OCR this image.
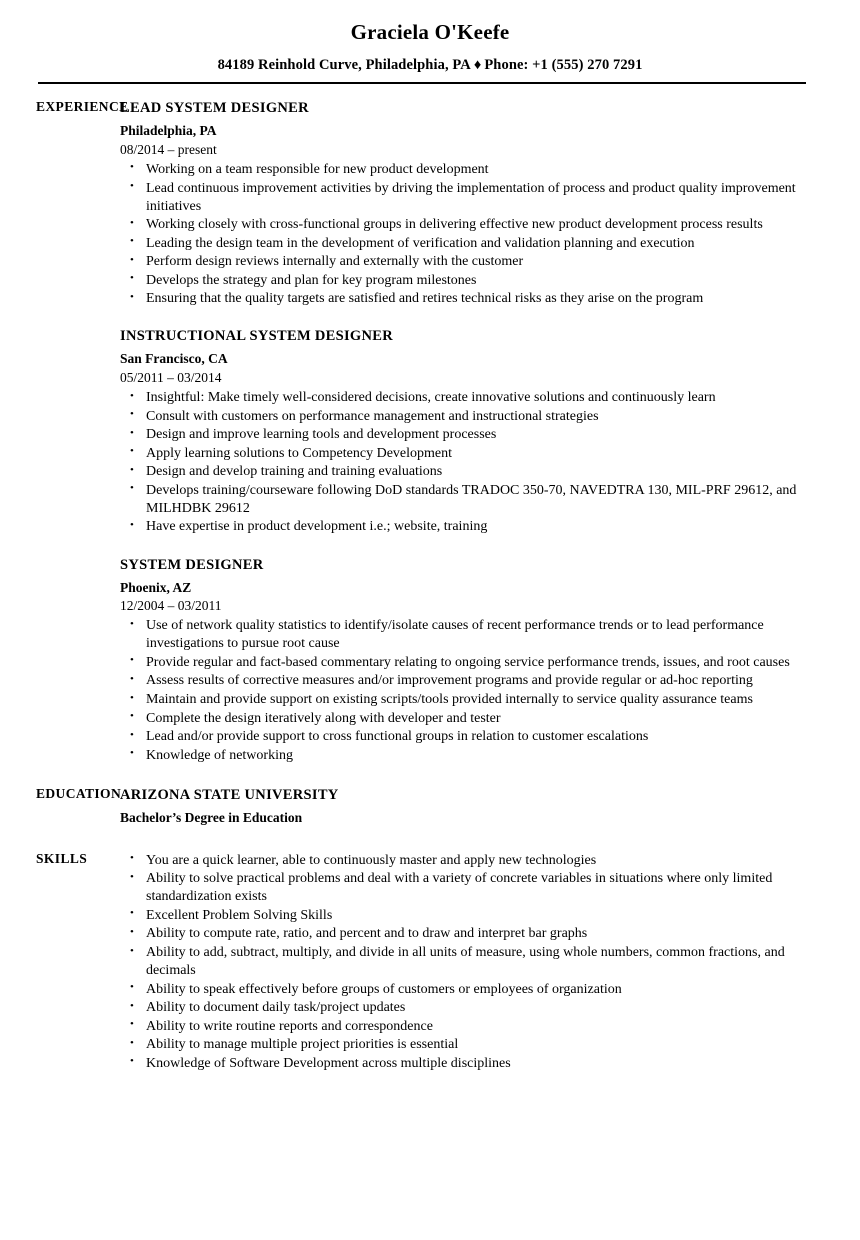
Graciela O'Keefe
84189 Reinhold Curve, Philadelphia, PA ♦ Phone: +1 (555) 270 7291
EXPERIENCE
LEAD SYSTEM DESIGNER
Philadelphia, PA
08/2014 – present
• Working on a team responsible for new product development
• Lead continuous improvement activities by driving the implementation of process and product quality improvement initiatives
• Working closely with cross-functional groups in delivering effective new product development process results
• Leading the design team in the development of verification and validation planning and execution
• Perform design reviews internally and externally with the customer
• Develops the strategy and plan for key program milestones
• Ensuring that the quality targets are satisfied and retires technical risks as they arise on the program
INSTRUCTIONAL SYSTEM DESIGNER
San Francisco, CA
05/2011 – 03/2014
• Insightful: Make timely well-considered decisions, create innovative solutions and continuously learn
• Consult with customers on performance management and instructional strategies
• Design and improve learning tools and development processes
• Apply learning solutions to Competency Development
• Design and develop training and training evaluations
• Develops training/courseware following DoD standards TRADOC 350-70, NAVEDTRA 130, MIL-PRF 29612, and MILHDBK 29612
• Have expertise in product development i.e.; website, training
SYSTEM DESIGNER
Phoenix, AZ
12/2004 – 03/2011
• Use of network quality statistics to identify/isolate causes of recent performance trends or to lead performance investigations to pursue root cause
• Provide regular and fact-based commentary relating to ongoing service performance trends, issues, and root causes
• Assess results of corrective measures and/or improvement programs and provide regular or ad-hoc reporting
• Maintain and provide support on existing scripts/tools provided internally to service quality assurance teams
• Complete the design iteratively along with developer and tester
• Lead and/or provide support to cross functional groups in relation to customer escalations
• Knowledge of networking
EDUCATION
ARIZONA STATE UNIVERSITY
Bachelor’s Degree in Education
SKILLS	• You are a quick learner, able to continuously master and apply new technologies
• Ability to solve practical problems and deal with a variety of concrete variables in situations where only limited standardization exists
• Excellent Problem Solving Skills
• Ability to compute rate, ratio, and percent and to draw and interpret bar graphs
• Ability to add, subtract, multiply, and divide in all units of measure, using whole numbers, common fractions, and decimals
• Ability to speak effectively before groups of customers or employees of organization
• Ability to document daily task/project updates
• Ability to write routine reports and correspondence
• Ability to manage multiple project priorities is essential
• Knowledge of Software Development across multiple disciplines
